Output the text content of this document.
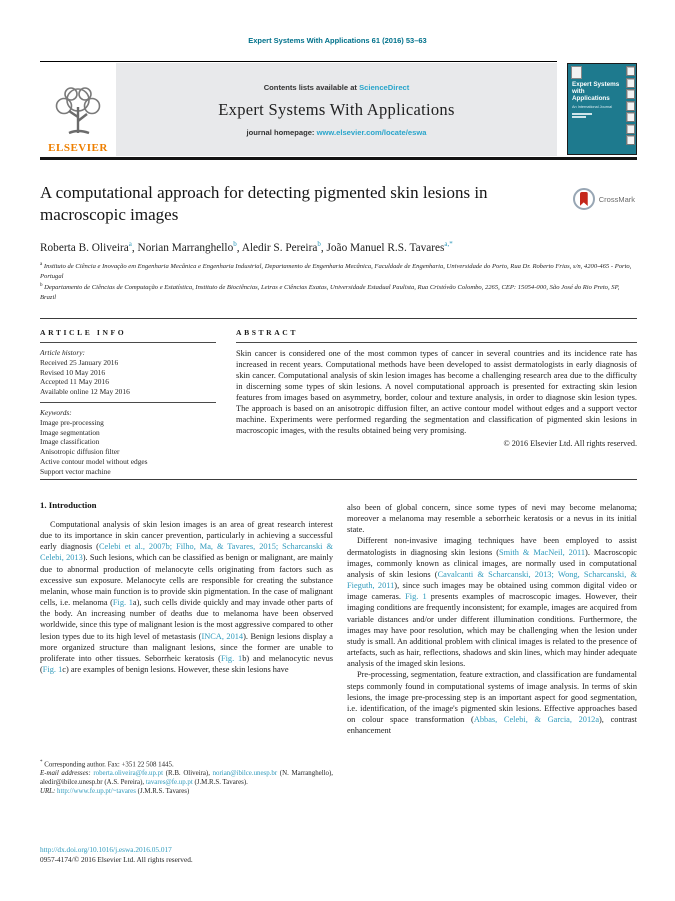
Expert Systems With Applications 61 (2016) 53–63
ELSEVIER
Contents lists available at ScienceDirect
Expert Systems With Applications
journal homepage: www.elsevier.com/locate/eswa
Expert Systems with Applications
An International Journal
A computational approach for detecting pigmented skin lesions in macroscopic images
CrossMark
Roberta B. Oliveira$^a$, Norian Marranghello$^b$, Aledir S. Pereira$^b$, João Manuel R.S. Tavares$^{a,*}$

$^a$ Instituto de Ciência e Inovação em Engenharia Mecânica e Engenharia Industrial, Departamento de Engenharia Mecânica, Faculdade de Engenharia, Universidade do Porto, Rua Dr. Roberto Frias, s/n, 4200-465 - Porto, Portugal

$^b$ Departamento de Ciências de Computação e Estatística, Instituto de Biociências, Letras e Ciências Exatas, Universidade Estadual Paulista, Rua Cristóvão Colombo, 2265, CEP: 15054-000, São José do Rio Preto, SP, Brazil

ARTICLE INFO
Article history:
Received 25 January 2016
Revised 10 May 2016
Accepted 11 May 2016
Available online 12 May 2016
Keywords:
Image pre-processing
Image segmentation
Image classification
Anisotropic diffusion filter
Active contour model without edges
Support vector machine
ABSTRACT
Skin cancer is considered one of the most common types of cancer in several countries and its incidence rate has increased in recent years. Computational methods have been developed to assist dermatologists in early diagnosis of skin cancer. Computational analysis of skin lesion images has become a challenging research area due to the difficulty in discerning some types of skin lesions. A novel computational approach is presented for extracting skin lesion features from images based on asymmetry, border, colour and texture analysis, in order to diagnose skin lesion types. The approach is based on an anisotropic diffusion filter, an active contour model without edges and a support vector machine. Experiments were performed regarding the segmentation and classification of pigmented skin lesions in macroscopic images, with the results obtained being very promising.
© 2016 Elsevier Ltd. All rights reserved.
1. Introduction

Computational analysis of skin lesion images is an area of great research interest due to its importance in skin cancer prevention, particularly in achieving a successful early diagnosis (Celebi et al., 2007b; Filho, Ma, & Tavares, 2015; Scharcanski & Celebi, 2013). Such lesions, which can be classified as benign or malignant, are mainly due to abnormal production of melanocyte cells originating from factors such as excessive sun exposure. Melanocyte cells are responsible for creating the substance melanin, whose main function is to provide skin pigmentation. In the case of malignant cells, i.e. melanoma (Fig. 1a), such cells divide quickly and may invade other parts of the body. An increasing number of deaths due to melanoma have been observed worldwide, since this type of malignant lesion is the most aggressive compared to other lesion types due to its high level of metastasis (INCA, 2014). Benign lesions display a more organized structure than malignant lesions, since the former are unable to proliferate into other tissues. Seborrheic keratosis (Fig. 1b) and melanocytic nevus (Fig. 1c) are examples of benign lesions. However, these skin lesions have

also been of global concern, since some types of nevi may become melanoma; moreover a melanoma may resemble a seborrheic keratosis or a nevus in its initial state.

Different non-invasive imaging techniques have been employed to assist dermatologists in diagnosing skin lesions (Smith & MacNeil, 2011). Macroscopic images, commonly known as clinical images, are normally used in computational analysis of skin lesions (Cavalcanti & Scharcanski, 2013; Wong, Scharcanski, & Fieguth, 2011), since such images may be obtained using common digital video or image cameras. Fig. 1 presents examples of macroscopic images. However, their imaging conditions are frequently inconsistent; for example, images are acquired from variable distances and/or under different illumination conditions. Furthermore, the images may have poor resolution, which may be challenging when the lesion under study is small. An additional problem with clinical images is related to the presence of artefacts, such as hair, reflections, shadows and skin lines, which may hinder adequate analysis of the imaged skin lesions.

Pre-processing, segmentation, feature extraction, and classification are fundamental steps commonly found in computational systems of image analysis. In terms of skin lesions, the image pre-processing step is an important aspect for good segmentation, i.e. identification, of the image's pigmented skin lesions. Effective approaches based on colour space transformation (Abbas, Celebi, & Garcia, 2012a), contrast enhancement

* Corresponding author. Fax: +351 22 508 1445.
E-mail addresses: roberta.oliveira@fe.up.pt (R.B. Oliveira), norian@ibilce.unesp.br (N. Marranghello), aledir@ibilce.unesp.br (A.S. Pereira), tavares@fe.up.pt (J.M.R.S. Tavares).
URL: http://www.fe.up.pt/~tavares (J.M.R.S. Tavares)
http://dx.doi.org/10.1016/j.eswa.2016.05.017
0957-4174/© 2016 Elsevier Ltd. All rights reserved.
